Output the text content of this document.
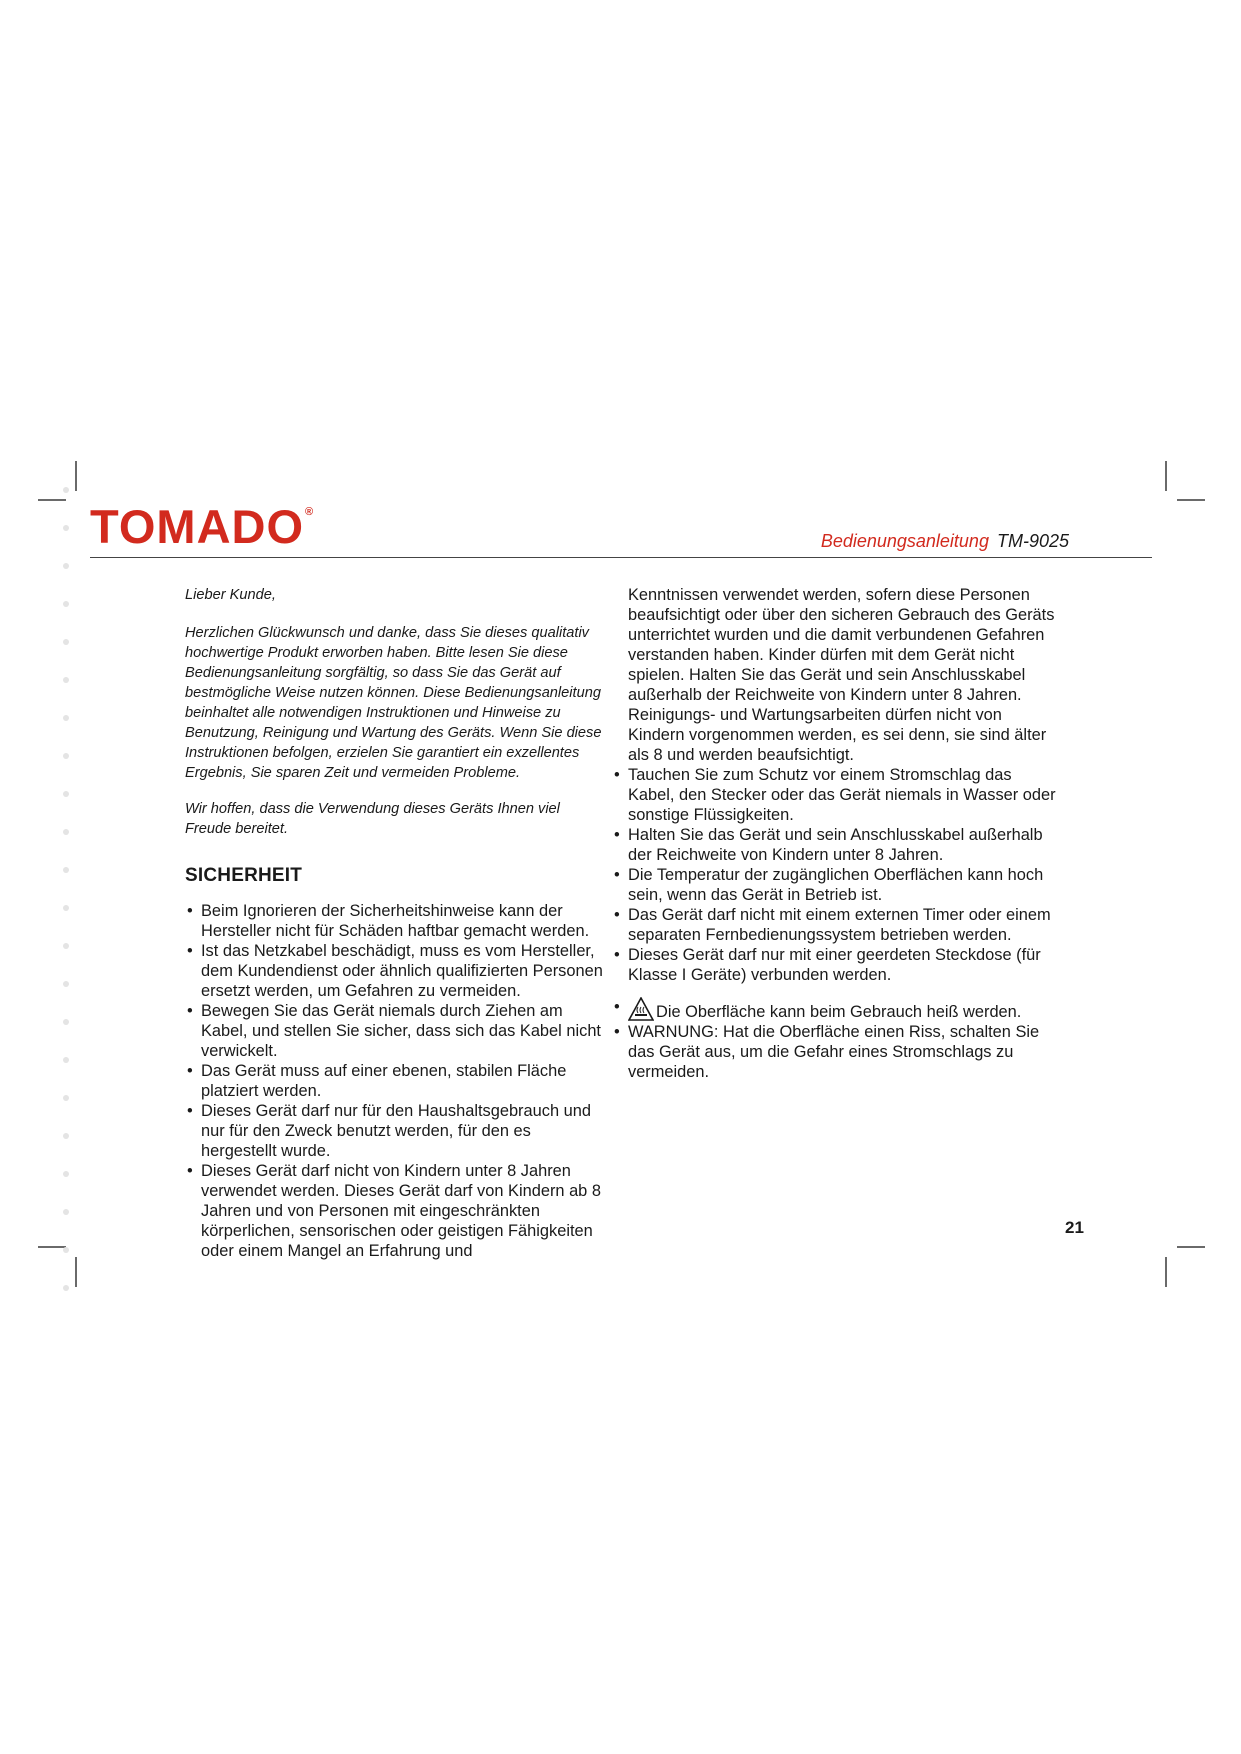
TOMADO®
Bedienungsanleitung TM-9025

Lieber Kunde,

Herzlichen Glückwunsch und danke, dass Sie dieses qualitativ hochwertige Produkt erworben haben. Bitte lesen Sie diese Bedienungsanleitung sorgfältig, so dass Sie das Gerät auf bestmögliche Weise nutzen können. Diese Bedienungsanleitung beinhaltet alle notwendigen Instruktionen und Hinweise zu Benutzung, Reinigung und Wartung des Geräts. Wenn Sie diese Instruktionen befolgen, erzielen Sie garantiert ein exzellentes Ergebnis, Sie sparen Zeit und vermeiden Probleme.

Wir hoffen, dass die Verwendung dieses Geräts Ihnen viel Freude bereitet.

SICHERHEIT
• Beim Ignorieren der Sicherheitshinweise kann der Hersteller nicht für Schäden haftbar gemacht werden.
• Ist das Netzkabel beschädigt, muss es vom Hersteller, dem Kundendienst oder ähnlich qualifizierten Personen ersetzt werden, um Gefahren zu vermeiden.
• Bewegen Sie das Gerät niemals durch Ziehen am Kabel, und stellen Sie sicher, dass sich das Kabel nicht verwickelt.
• Das Gerät muss auf einer ebenen, stabilen Fläche platziert werden.
• Dieses Gerät darf nur für den Haushaltsgebrauch und nur für den Zweck benutzt werden, für den es hergestellt wurde.
• Dieses Gerät darf nicht von Kindern unter 8 Jahren verwendet werden. Dieses Gerät darf von Kindern ab 8 Jahren und von Personen mit eingeschränkten körperlichen, sensorischen oder geistigen Fähigkeiten oder einem Mangel an Erfahrung und

Kenntnissen verwendet werden, sofern diese Personen beaufsichtigt oder über den sicheren Gebrauch des Geräts unterrichtet wurden und die damit verbundenen Gefahren verstanden haben. Kinder dürfen mit dem Gerät nicht spielen. Halten Sie das Gerät und sein Anschlusskabel außerhalb der Reichweite von Kindern unter 8 Jahren. Reinigungs- und Wartungsarbeiten dürfen nicht von Kindern vorgenommen werden, es sei denn, sie sind älter als 8 und werden beaufsichtigt.

• Tauchen Sie zum Schutz vor einem Stromschlag das Kabel, den Stecker oder das Gerät niemals in Wasser oder sonstige Flüssigkeiten.
• Halten Sie das Gerät und sein Anschlusskabel außerhalb der Reichweite von Kindern unter 8 Jahren.
• Die Temperatur der zugänglichen Oberflächen kann hoch sein, wenn das Gerät in Betrieb ist.
• Das Gerät darf nicht mit einem externen Timer oder einem separaten Fernbedienungssystem betrieben werden.
• Dieses Gerät darf nur mit einer geerdeten Steckdose (für Klasse I Geräte) verbunden werden.
• Die Oberfläche kann beim Gebrauch heiß werden.
• WARNUNG: Hat die Oberfläche einen Riss, schalten Sie das Gerät aus, um die Gefahr eines Stromschlags zu vermeiden.
21
